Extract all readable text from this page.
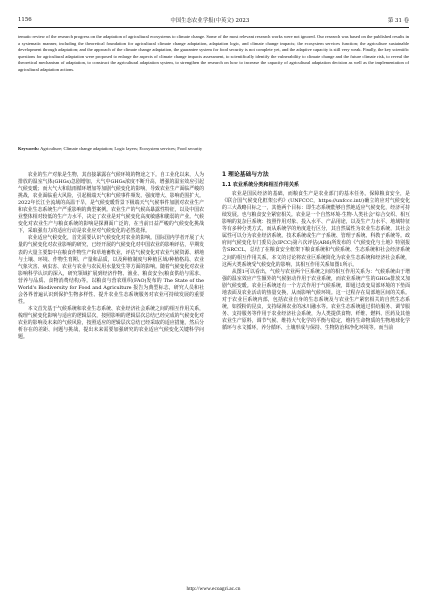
1156	中国生态农业学报(中英文) 2023	第 31 卷
tematic review of the research progress on the adaptation of agricultural ecosystems to climate change. Some of the most relevant research works were not ignored. Our research was based on the published results in a systematic manner, including the theoretical foundation for agricultural climate change adaptation, adaptation logic, and climate change impacts; the ecosystem services function; the agriculture sustainable development through adaptation; and the approach of the climate change adaptation, the guarantee system for food security is not complete yet, and the adaptive capacity is still very weak. Finally, the key scientific questions for agricultural adaptation were proposed to enlarge the aspects of climate change impacts assessment, to scientifically identify the vulnerability to climate change and the future climate risk, to reveal the theoretical mechanism of adaptation, to construct the agricultural adaptation system, to strengthen the research on how to increase the capacity of agricultural adaptation decision as well as the implementation of agricultural adaptation actions.
Keywords: Agriculture; Climate change adaptation; Logic layers; Ecosystem services; Food security

农业的生产对象是生物，其直接暴露在气候环境的物途之下。自工业化以来，人为排放的温室气体(GHGs)急剧增加，大气中GHGs浓度不断升高，增强的温室效应引起气候变暖；而大气大和陆雨循环增加等加剧气候变化的影响，导致农业生产面临严峻的挑战，农业面临重大风险，引起极端天气和气候事件频发、强度增大、影响范围扩大。2022年长江全流域的高温干旱，是气候变暖背景下极端天气气候事件加剧对农业生产和农业生态系统生产严重影响的典型案例。农业生产的气候高暴露性特征，以及中国农业整体相对较低的生产力水平，决定了农业是对气候变化高度敏感和脆弱的产业。气候变化对农业生产与粮食系统的影响是探测面广泛的，在当前日益严峻的气候变化挑战下，采取强有力的适应行动是农业应对气候变化的必然选择。

农业适应气候变化，首先需要认识气候变化对农业的影响。国际国内学者开展了大量的气候变化对农业影响的研究，已经开展的气候变化对中国农业的影响评估，早期发表的大量主要集中在粮食作物生产和草地畜牧业，评估气候变化对农业气候资源、耕地与土壤、环境、作物生育期、产量和品质，以及种植制度与种植区域/种植格局、农业气象灾害、病虫害、农业与农业与农民用水量发生等方面的影响。随着气候变化对农业影响科学认识的深入，研究领域扩展到经济作物、渔业、粮食安全(粮食供给与需求、营养与品质、食物消费结构)等。以粮食与营农组织(FAO)发布的 The State of the World's Biodiversity for Food and Agriculture 报告为典型标志，研究人员和社会各界普遍认识到保护生物多样性、提升农业生态系统服务对农业可持续发展的重要性。

本文首先基于气候系统和农业生态系统、农业经济社会系统之间的相互作用关系，梳理气候变化影响与适应的逻辑层次，按照影响的逻辑层次总结已经完成的气候变化对农业的影响及未来的气候风险，按照适应的逻辑层次总结已经采取的适应措施，然后分析存在的差距、问题与挑战，提出未来需要加强研究的农业适应气候变化关键科学问题。

1 理论基础与方法
1.1 农业系统分类和相互作用关系

农业是国民经济的基础，而粮食生产是农业部门的基本任务。保障粮食安全，是《联合国气候变化框架公约》(UNFCCC，https://unfccc.int/)确立的应对气候变化的三大战略目标之一，其他两个目标：即生态系统能够自然地适应气候变化，经济可持续发展。也与粮食安全紧密相关。农业是一个自然环境-生物-人类社会“综合交织、相互影响的复杂巨系统：按照作用对象、投入水平、产品用途，以及生产力水平、地域特征等有多种分类方式，而从系统学的角度进行区分，其自然属性为农业生态系统，其社会属性可以分为农业经济系统。技术系统或生产子系统、管理子系统、科教子系统等。政府间气候变化专门委员会(IPCC)第六次评估(AR6)所发布的《气候变化与土地》特别报告SRCCL，总结了在粮食安全框架下粮食系统和气候系统、生态系统和社会经济系统之间的相互作用关系。本文的讨论将农业巨系统简化为农业生态系统和经济社会系统，这两大类系统受气候变化的影响，其相互作用关系如图1所示。

从图1可以看出，气候与农业两个巨系统之间的相互作用关系为：气候系统由于增强的温室效应产生额外的气候驱动作用于农业系统，而农业系统产生的GHGs排放又加剧气候变暖。农业巨系统还有一个方式作用于气候系统，即通过改变局部环境的下垫面地表面及农业活动的热量交换，从而影响气候环境。这一过程存在局部地区间的关系。对于农业巨系统内部，包括农业自身的生态系统及与农业生产紧密相关的自然生态系统，如授粉的昆虫，支持绿洲农业的冰川融水等。农业生态系统通过供给服务、调节服务、支持服务等作用于农业经济社会系统，为人类提供食物、纤维、燃料、医药及其他农业生产原料，调节气候、维持大气化学的平衡与稳定，维持生命物质的生物地球化学循环与水文循环，养分循环、土壤形成与保持、生物防治和净化环境等。而当前

http://www.ecoagri.ac.cn
